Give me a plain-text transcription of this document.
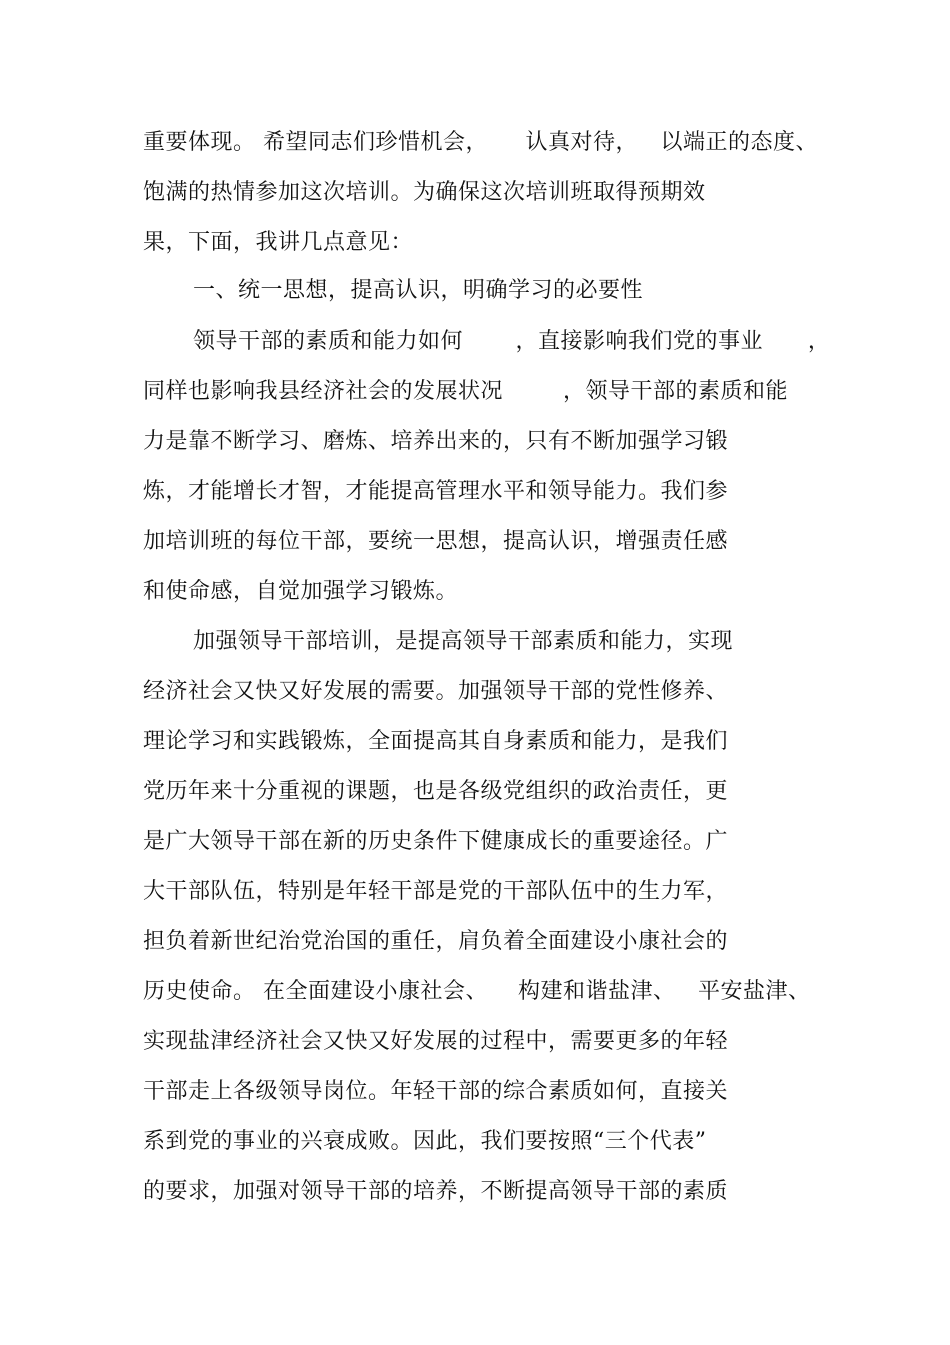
重要体现。 希望同志们珍惜机会，     认真对待，   以端正的态度、
饱满的热情参加这次培训。为确保这次培训班取得预期效
果，下面，我讲几点意见：
一、统一思想，提高认识，明确学习的必要性
领导干部的素质和能力如何       ，直接影响我们党的事业      ，
同样也影响我县经济社会的发展状况        ，领导干部的素质和能
力是靠不断学习、磨炼、培养出来的，只有不断加强学习锻
炼，才能增长才智，才能提高管理水平和领导能力。我们参
加培训班的每位干部，要统一思想，提高认识，增强责任感
和使命感，自觉加强学习锻炼。
加强领导干部培训，是提高领导干部素质和能力，实现
经济社会又快又好发展的需要。加强领导干部的党性修养、
理论学习和实践锻炼，全面提高其自身素质和能力，是我们
党历年来十分重视的课题，也是各级党组织的政治责任，更
是广大领导干部在新的历史条件下健康成长的重要途径。广
大干部队伍，特别是年轻干部是党的干部队伍中的生力军，
担负着新世纪治党治国的重任，肩负着全面建设小康社会的
历史使命。 在全面建设小康社会、    构建和谐盐津、   平安盐津、
实现盐津经济社会又快又好发展的过程中，需要更多的年轻
干部走上各级领导岗位。年轻干部的综合素质如何，直接关
系到党的事业的兴衰成败。因此，我们要按照“三个代表”
的要求，加强对领导干部的培养，不断提高领导干部的素质
